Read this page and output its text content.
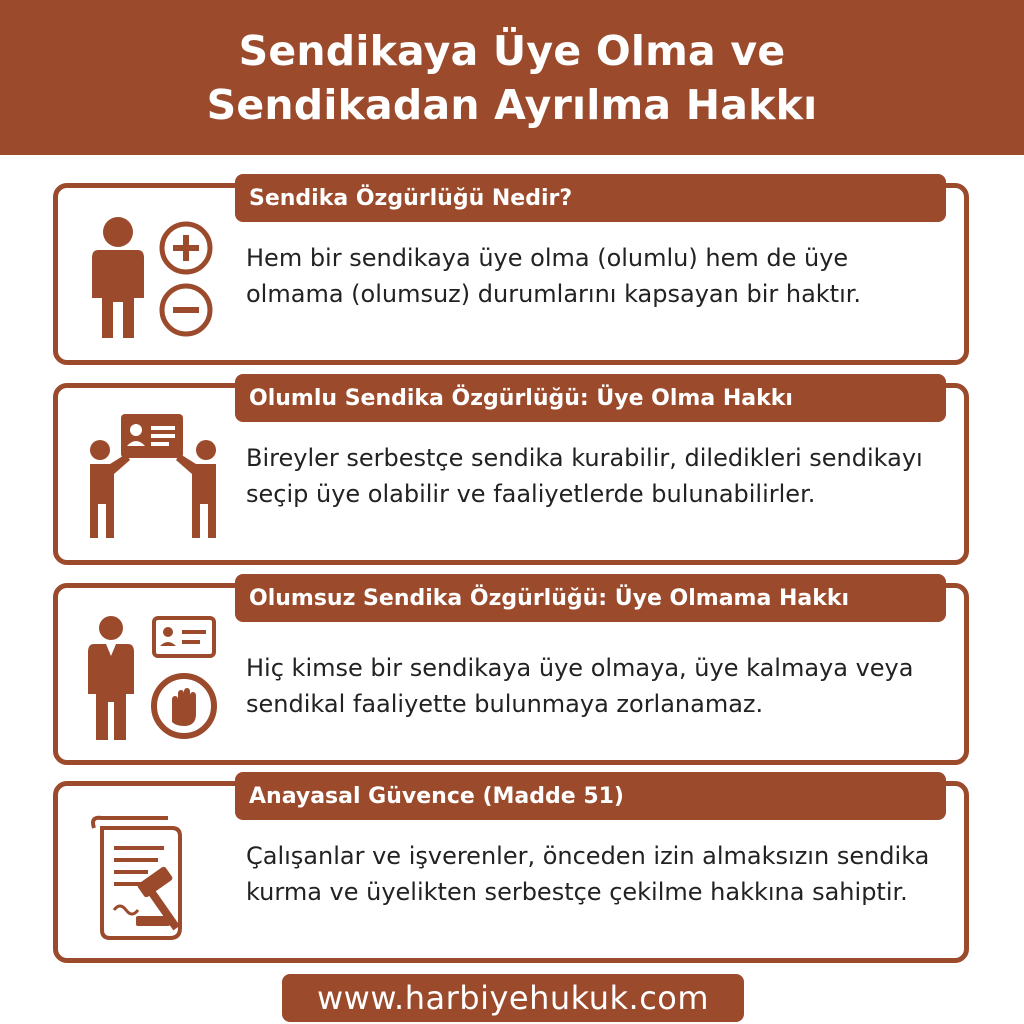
Sendikaya Üye Olma ve
Sendikadan Ayrılma Hakkı
Sendika Özgürlüğü Nedir?
Hem bir sendikaya üye olma (olumlu) hem de üye olmama (olumsuz) durumlarını kapsayan bir haktır.
Olumlu Sendika Özgürlüğü: Üye Olma Hakkı
Bireyler serbestçe sendika kurabilir, diledikleri sendikayı seçip üye olabilir ve faaliyetlerde bulunabilirler.
Olumsuz Sendika Özgürlüğü: Üye Olmama Hakkı
Hiç kimse bir sendikaya üye olmaya, üye kalmaya veya sendikal faaliyette bulunmaya zorlanamaz.
Anayasal Güvence (Madde 51)
Çalışanlar ve işverenler, önceden izin almaksızın sendika kurma ve üyelikten serbestçe çekilme hakkına sahiptir.
www.harbiyehukuk.com
